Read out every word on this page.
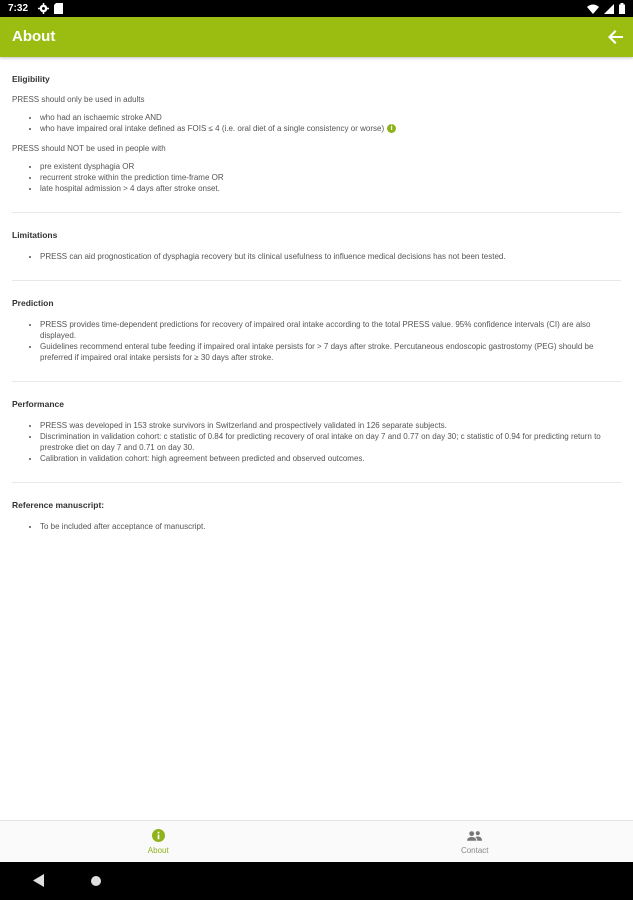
7:32
About
Eligibility

PRESS should only be used in adults

• who had an ischaemic stroke AND
• who have impaired oral intake defined as FOIS ≤ 4 (i.e. oral diet of a single consistency or worse) i

PRESS should NOT be used in people with

• pre existent dysphagia OR
• recurrent stroke within the prediction time-frame OR
• late hospital admission > 4 days after stroke onset.
Limitations
• PRESS can aid prognostication of dysphagia recovery but its clinical usefulness to influence medical decisions has not been tested.
Prediction
• PRESS provides time-dependent predictions for recovery of impaired oral intake according to the total PRESS value. 95% confidence intervals (CI) are also displayed.
• Guidelines recommend enteral tube feeding if impaired oral intake persists for > 7 days after stroke. Percutaneous endoscopic gastrostomy (PEG) should be preferred if impaired oral intake persists for ≥ 30 days after stroke.
Performance
• PRESS was developed in 153 stroke survivors in Switzerland and prospectively validated in 126 separate subjects.
• Discrimination in validation cohort: c statistic of 0.84 for predicting recovery of oral intake on day 7 and 0.77 on day 30; c statistic of 0.94 for predicting return to prestroke diet on day 7 and 0.71 on day 30.
• Calibration in validation cohort: high agreement between predicted and observed outcomes.
Reference manuscript:
• To be included after acceptance of manuscript.
About	Contact
